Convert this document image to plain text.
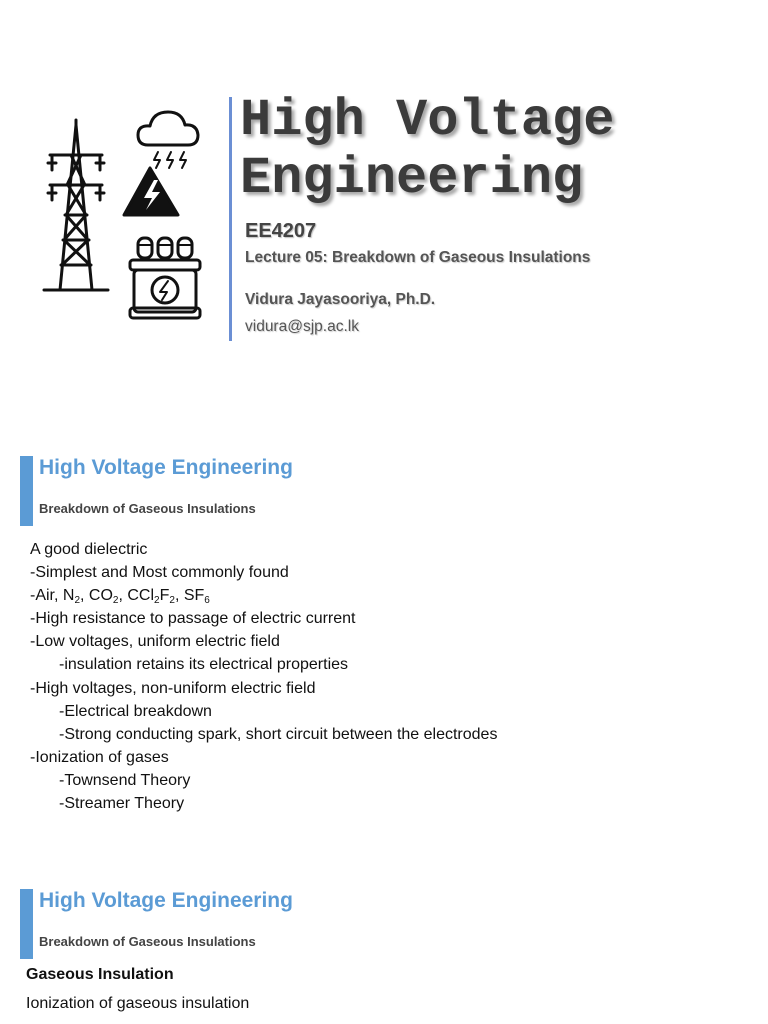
High Voltage
Engineering
EE4207
Lecture 05: Breakdown of Gaseous Insulations
Vidura Jayasooriya, Ph.D.
vidura@sjp.ac.lk
High Voltage Engineering
Breakdown of Gaseous Insulations
A good dielectric
-Simplest and Most commonly found
-Air, $N_2$, $CO_2$, $CCl_2F_2$, $SF_6$
-High resistance to passage of electric current
-Low voltages, uniform electric field
-insulation retains its electrical properties
-High voltages, non-uniform electric field
-Electrical breakdown
-Strong conducting spark, short circuit between the electrodes
-Ionization of gases
-Townsend Theory
-Streamer Theory
High Voltage Engineering
Breakdown of Gaseous Insulations
Gaseous Insulation
Ionization of gaseous insulation
